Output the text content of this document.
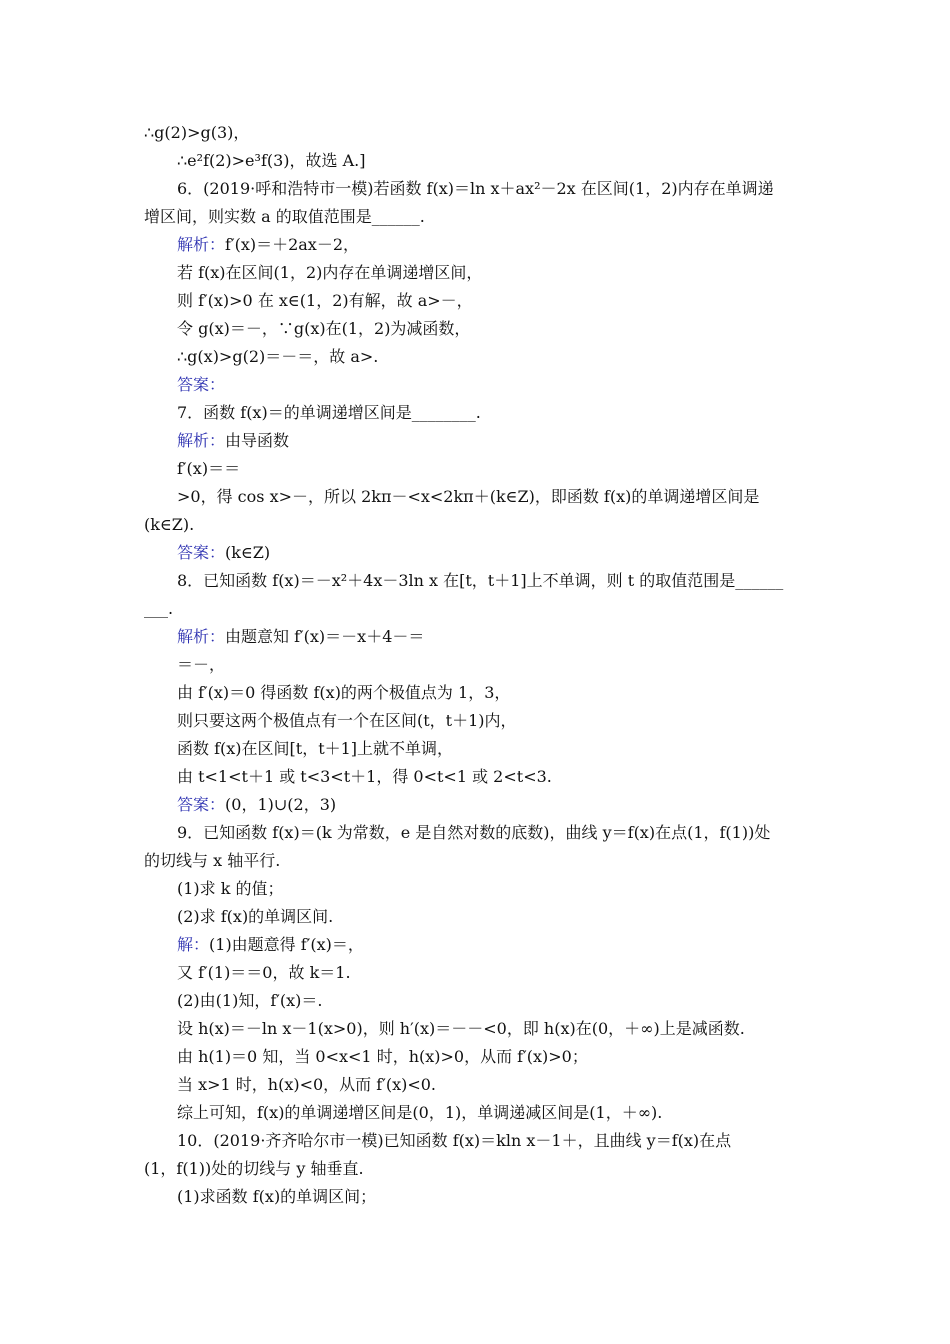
∴g(2)>g(3)，
∴e²f(2)>e³f(3)，故选 A.]
6．(2019·呼和浩特市一模)若函数 f(x)＝ln x＋ax²－2x 在区间(1，2)内存在单调递
增区间，则实数 a 的取值范围是______.
解析：f′(x)＝＋2ax－2，
若 f(x)在区间(1，2)内存在单调递增区间，
则 f′(x)>0 在 x∈(1，2)有解，故 a>－，
令 g(x)＝－，∵g(x)在(1，2)为减函数，
∴g(x)>g(2)＝－＝，故 a>.
答案：
7．函数 f(x)＝的单调递增区间是________.
解析：由导函数
f′(x)＝＝
>0，得 cos x>－，所以 2kπ－<x<2kπ＋(k∈Z)，即函数 f(x)的单调递增区间是
(k∈Z).
答案：(k∈Z)
8．已知函数 f(x)＝－x²＋4x－3ln x 在[t，t＋1]上不单调，则 t 的取值范围是______
___.
解析：由题意知 f′(x)＝－x＋4－＝
＝－，
由 f′(x)＝0 得函数 f(x)的两个极值点为 1，3，
则只要这两个极值点有一个在区间(t，t＋1)内，
函数 f(x)在区间[t，t＋1]上就不单调，
由 t<1<t＋1 或 t<3<t＋1，得 0<t<1 或 2<t<3.
答案：(0，1)∪(2，3)
9．已知函数 f(x)＝(k 为常数，e 是自然对数的底数)，曲线 y＝f(x)在点(1，f(1))处
的切线与 x 轴平行.
(1)求 k 的值；
(2)求 f(x)的单调区间.
解：(1)由题意得 f′(x)＝，
又 f′(1)＝＝0，故 k＝1.
(2)由(1)知，f′(x)＝.
设 h(x)＝－ln x－1(x>0)，则 h′(x)＝－－<0，即 h(x)在(0，＋∞)上是减函数.
由 h(1)＝0 知，当 0<x<1 时，h(x)>0，从而 f′(x)>0；
当 x>1 时，h(x)<0，从而 f′(x)<0.
综上可知，f(x)的单调递增区间是(0，1)，单调递减区间是(1，＋∞).
10．(2019·齐齐哈尔市一模)已知函数 f(x)＝kln x－1＋，且曲线 y＝f(x)在点
(1，f(1))处的切线与 y 轴垂直.
(1)求函数 f(x)的单调区间；
